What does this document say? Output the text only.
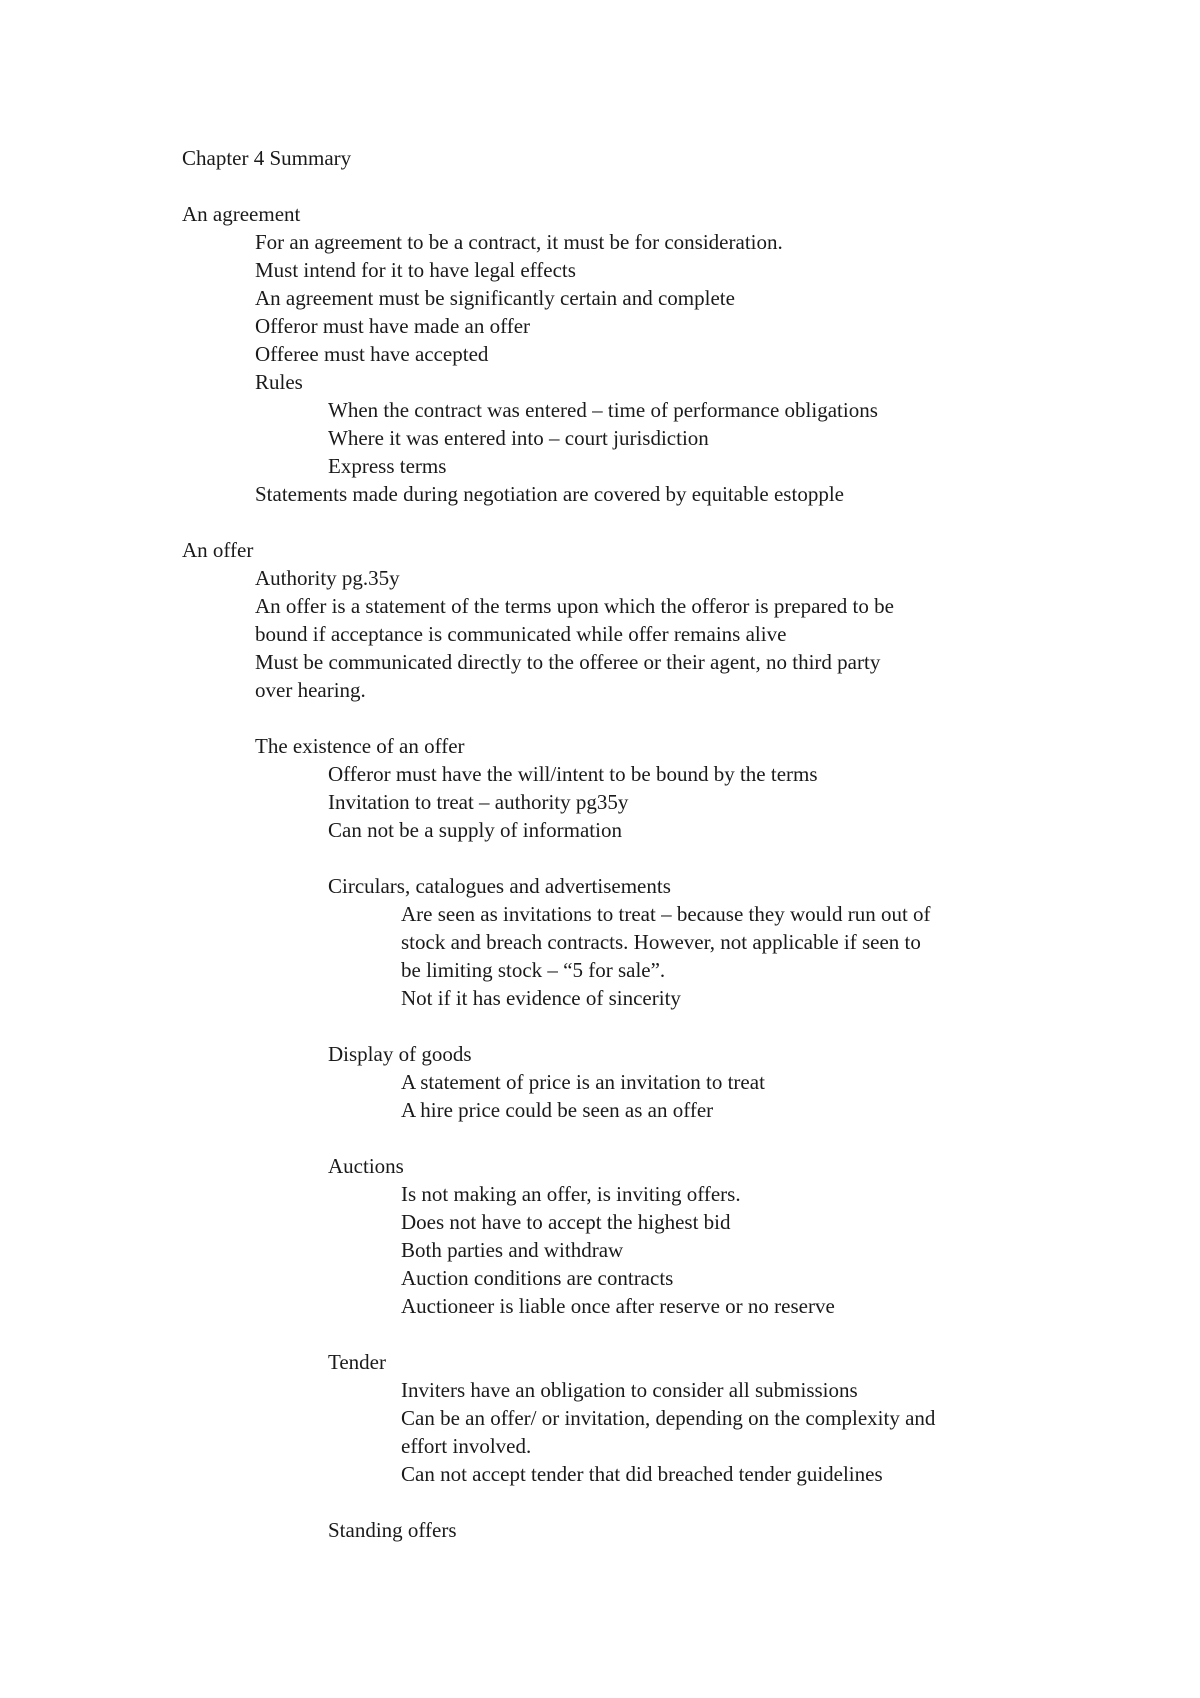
Chapter 4 Summary
An agreement
For an agreement to be a contract, it must be for consideration.
Must intend for it to have legal effects
An agreement must be significantly certain and complete
Offeror must have made an offer
Offeree must have accepted
Rules
When the contract was entered – time of performance obligations
Where it was entered into – court jurisdiction
Express terms
Statements made during negotiation are covered by equitable estopple
An offer
Authority pg.35y
An offer is a statement of the terms upon which the offeror is prepared to be
bound if acceptance is communicated while offer remains alive
Must be communicated directly to the offeree or their agent, no third party
over hearing.
The existence of an offer
Offeror must have the will/intent to be bound by the terms
Invitation to treat – authority pg35y
Can not be a supply of information
Circulars, catalogues and advertisements
Are seen as invitations to treat – because they would run out of
stock and breach contracts. However, not applicable if seen to
be limiting stock – “5 for sale”.
Not if it has evidence of sincerity
Display of goods
A statement of price is an invitation to treat
A hire price could be seen as an offer
Auctions
Is not making an offer, is inviting offers.
Does not have to accept the highest bid
Both parties and withdraw
Auction conditions are contracts
Auctioneer is liable once after reserve or no reserve
Tender
Inviters have an obligation to consider all submissions
Can be an offer/ or invitation, depending on the complexity and
effort involved.
Can not accept tender that did breached tender guidelines
Standing offers
